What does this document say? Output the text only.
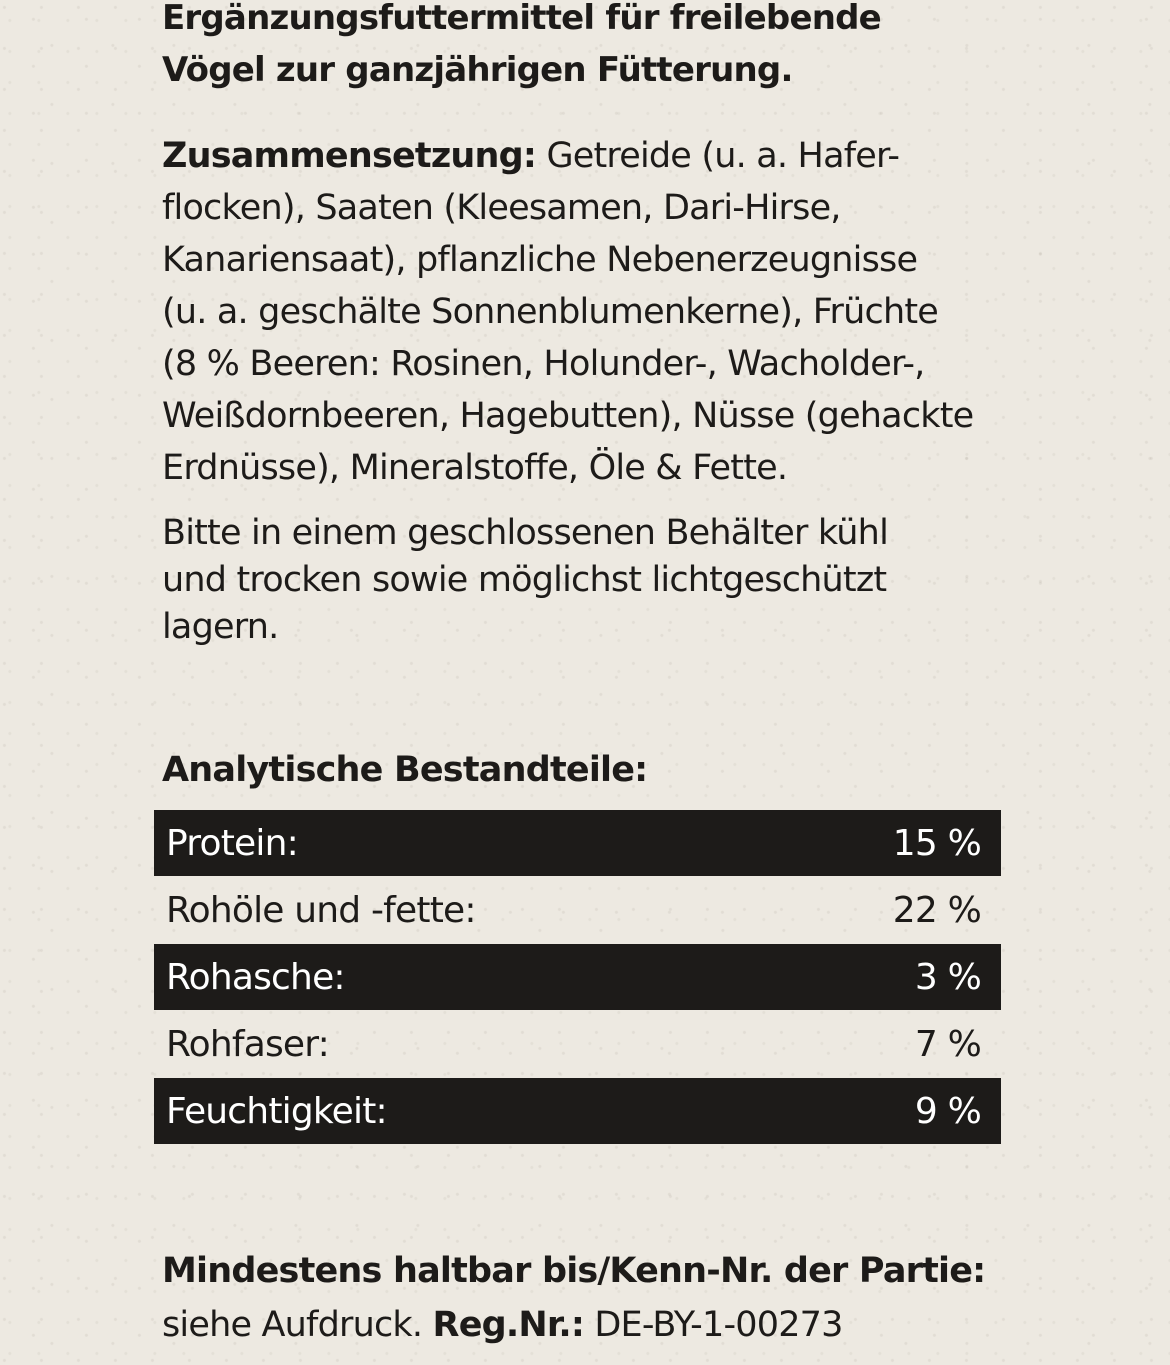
Ergänzungsfuttermittel für freilebende
Vögel zur ganzjährigen Fütterung.

Zusammensetzung: Getreide (u. a. Hafer-
flocken), Saaten (Kleesamen, Dari-Hirse,
Kanariensaat), pflanzliche Nebenerzeugnisse
(u. a. geschälte Sonnenblumenkerne), Früchte
(8 % Beeren: Rosinen, Holunder-, Wacholder-,
Weißdornbeeren, Hagebutten), Nüsse (gehackte
Erdnüsse), Mineralstoffe, Öle & Fette.

Bitte in einem geschlossenen Behälter kühl
und trocken sowie möglichst lichtgeschützt
lagern.

Analytische Bestandteile:
Protein:	15 %
Rohöle und -fette:	22 %
Rohasche:	3 %
Rohfaser:	7 %
Feuchtigkeit:	9 %

Mindestens haltbar bis/Kenn-Nr. der Partie:
siehe Aufdruck. Reg.Nr.: DE-BY-1-00273
